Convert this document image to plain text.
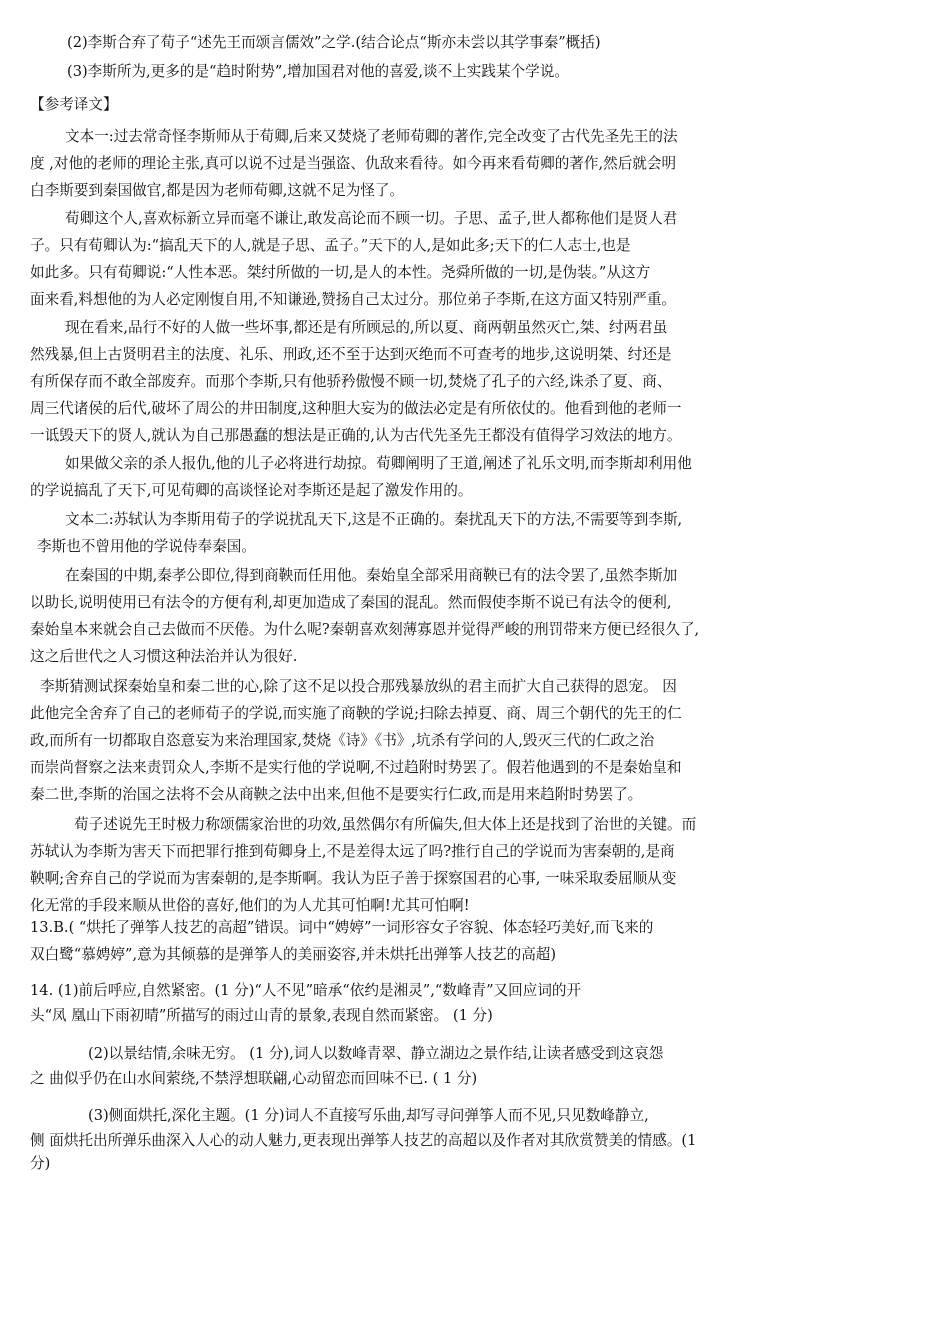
(2)李斯合弃了荀子“述先王而颂言儒效”之学.(结合论点“斯亦未尝以其学事秦”概括)
(3)李斯所为,更多的是“趋时附势”,增加国君对他的喜爱,谈不上实践某个学说。
【参考译文】
文本一:过去常奇怪李斯师从于荀卿,后来又焚烧了老师荀卿的著作,完全改变了古代先圣先王的法
度 ,对他的老师的理论主张,真可以说不过是当强盗、仇敌来看待。如今再来看荀卿的著作,然后就会明
白李斯要到秦国做官,都是因为老师荀卿,这就不足为怪了。
荀卿这个人,喜欢标新立异而毫不谦让,敢发高论而不顾一切。子思、孟子,世人都称他们是贤人君
子。只有荀卿认为:“搞乱天下的人,就是子思、孟子。”天下的人,是如此多;天下的仁人志士,也是
如此多。只有荀卿说:“人性本恶。桀纣所做的一切,是人的本性。尧舜所做的一切,是伪装。”从这方
面来看,料想他的为人必定刚愎自用,不知谦逊,赞扬自己太过分。那位弟子李斯,在这方面又特别严重。
现在看来,品行不好的人做一些坏事,都还是有所顾忌的,所以夏、商两朝虽然灭亡,桀、纣两君虽
然残暴,但上古贤明君主的法度、礼乐、刑政,还不至于达到灭绝而不可查考的地步,这说明桀、纣还是
有所保存而不敢全部废弃。而那个李斯,只有他骄矜傲慢不顾一切,焚烧了孔子的六经,诛杀了夏、商、
周三代诸侯的后代,破坏了周公的井田制度,这种胆大妄为的做法必定是有所依仗的。他看到他的老师一
一诋毁天下的贤人,就认为自己那愚蠢的想法是正确的,认为古代先圣先王都没有值得学习效法的地方。
如果做父亲的杀人报仇,他的儿子必将进行劫掠。荀卿阐明了王道,阐述了礼乐文明,而李斯却利用他
的学说搞乱了天下,可见荀卿的高谈怪论对李斯还是起了激发作用的。
文本二:苏轼认为李斯用荀子的学说扰乱天下,这是不正确的。秦扰乱天下的方法,不需要等到李斯,
李斯也不曾用他的学说侍奉秦国。
在秦国的中期,秦孝公即位,得到商鞅而任用他。秦始皇全部采用商鞅已有的法令罢了,虽然李斯加
以助长,说明使用已有法令的方便有利,却更加造成了秦国的混乱。然而假使李斯不说已有法令的便利,
秦始皇本来就会自己去做而不厌倦。为什么呢?秦朝喜欢刻薄寡恩并觉得严峻的刑罚带来方便已经很久了,
这之后世代之人习惯这种法治并认为很好.
李斯猜测试探秦始皇和秦二世的心,除了这不足以投合那残暴放纵的君主而扩大自己获得的恩宠。 因
此他完全舍弃了自己的老师荀子的学说,而实施了商鞅的学说;扫除去掉夏、商、周三个朝代的先王的仁
政,而所有一切都取自恣意妄为来治理国家,焚烧《诗》《书》,坑杀有学问的人,毁灭三代的仁政之治
而崇尚督察之法来责罚众人,李斯不是实行他的学说啊,不过趋附时势罢了。假若他遇到的不是秦始皇和
秦二世,李斯的治国之法将不会从商鞅之法中出来,但他不是要实行仁政,而是用来趋附时势罢了。
荀子述说先王时极力称颂儒家治世的功效,虽然偶尔有所偏失,但大体上还是找到了治世的关键。而
苏轼认为李斯为害天下而把罪行推到荀卿身上,不是差得太远了吗?推行自己的学说而为害秦朝的,是商
鞅啊;舍弃自己的学说而为害秦朝的,是李斯啊。我认为臣子善于探察国君的心事, 一味采取委屈顺从变
化无常的手段来顺从世俗的喜好,他们的为人尤其可怕啊!尤其可怕啊!
13.B.( “烘托了弹筝人技艺的高超”错误。词中“娉婷”一词形容女子容貌、体态轻巧美好,而飞来的
双白鹭“慕娉婷”,意为其倾慕的是弹筝人的美丽姿容,并未烘托出弹筝人技艺的高超)
14. (1)前后呼应,自然紧密。(1 分)“人不见”暗承“依约是湘灵”,“数峰青”又回应词的开
头“凤 凰山下雨初晴”所描写的雨过山青的景象,表现自然而紧密。 (1 分)
(2)以景结情,余味无穷。 (1 分),词人以数峰青翠、静立湖边之景作结,让读者感受到这哀怨
之 曲似乎仍在山水间萦绕,不禁浮想联翩,心动留恋而回味不已. ( 1 分)
(3)侧面烘托,深化主题。(1 分)词人不直接写乐曲,却写寻问弹筝人而不见,只见数峰静立,
侧 面烘托出所弹乐曲深入人心的动人魅力,更表现出弹筝人技艺的高超以及作者对其欣赏赞美的情感。(1
分)
